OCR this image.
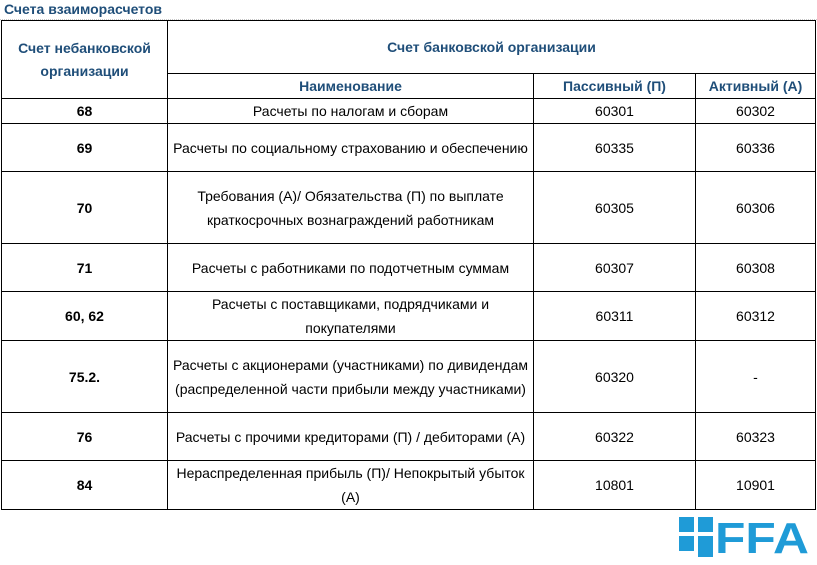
Счета взаиморасчетов
Счет небанковской организации	Счет банковской организации		
	Наименование	Пассивный (П)	Активный (А)
68	Расчеты по налогам и сборам	60301	60302
69	Расчеты по социальному страхованию и обеспечению	60335	60336
70	Требования (А)/ Обязательства (П) по выплате краткосрочных вознаграждений работникам	60305	60306
71	Расчеты с работниками по подотчетным суммам	60307	60308
60, 62	Расчеты с поставщиками, подрядчиками и покупателями	60311	60312
75.2.	Расчеты с акционерами (участниками) по дивидендам (распределенной части прибыли между участниками)	60320	-
76	Расчеты с прочими кредиторами (П) / дебиторами (А)	60322	60323
84	Нераспределенная прибыль (П)/ Непокрытый убыток (А)	10801	10901
FFA
